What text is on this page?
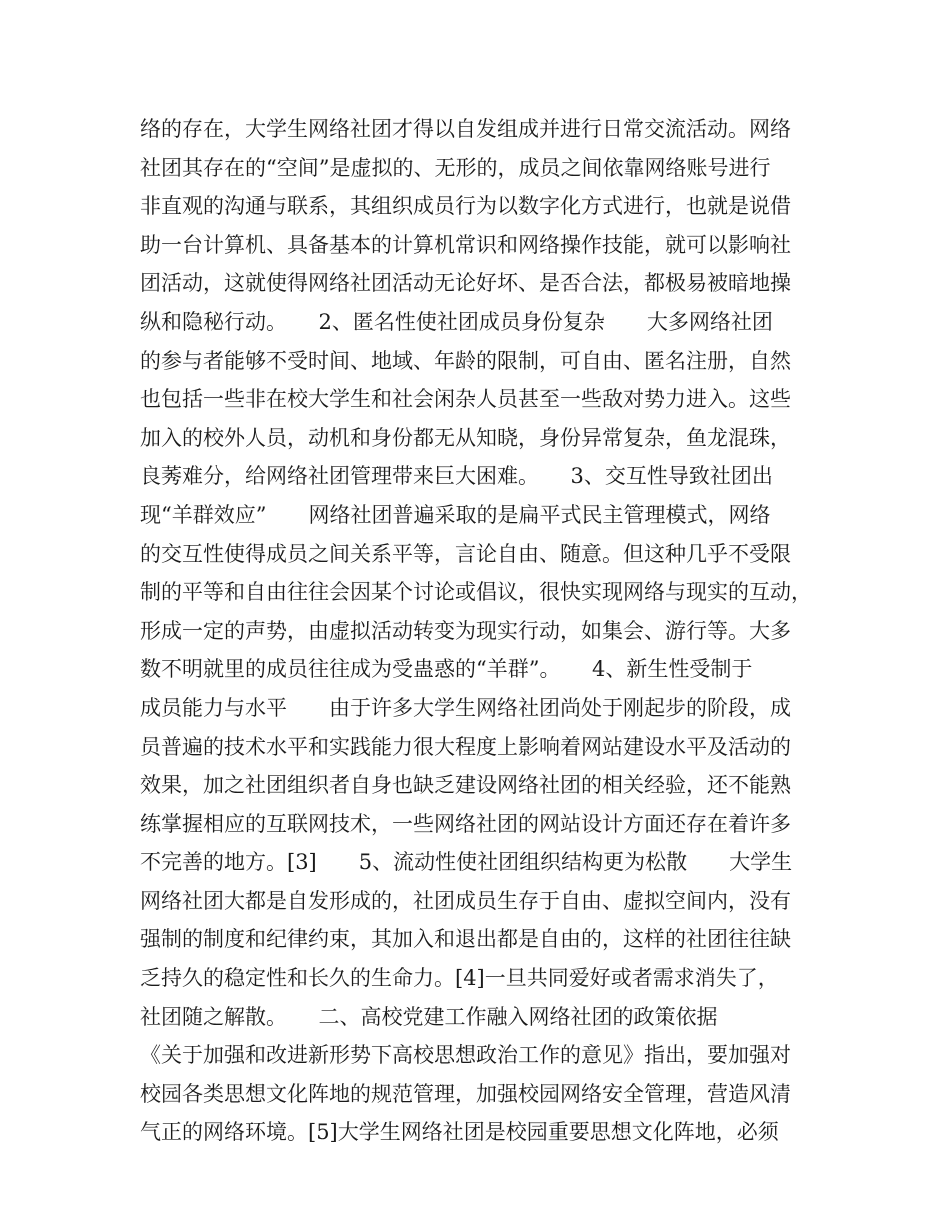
络的存在，大学生网络社团才得以自发组成并进行日常交流活动。网络
社团其存在的“空间”是虚拟的、无形的，成员之间依靠网络账号进行
非直观的沟通与联系，其组织成员行为以数字化方式进行，也就是说借
助一台计算机、具备基本的计算机常识和网络操作技能，就可以影响社
团活动，这就使得网络社团活动无论好坏、是否合法，都极易被暗地操
纵和隐秘行动。　　2、匿名性使社团成员身份复杂　　大多网络社团
的参与者能够不受时间、地域、年龄的限制，可自由、匿名注册，自然
也包括一些非在校大学生和社会闲杂人员甚至一些敌对势力进入。这些
加入的校外人员，动机和身份都无从知晓，身份异常复杂，鱼龙混珠，
良莠难分，给网络社团管理带来巨大困难。　　3、交互性导致社团出
现“羊群效应”　　网络社团普遍采取的是扁平式民主管理模式，网络
的交互性使得成员之间关系平等，言论自由、随意。但这种几乎不受限
制的平等和自由往往会因某个讨论或倡议，很快实现网络与现实的互动，
形成一定的声势，由虚拟活动转变为现实行动，如集会、游行等。大多
数不明就里的成员往往成为受蛊惑的“羊群”。　　4、新生性受制于
成员能力与水平　　由于许多大学生网络社团尚处于刚起步的阶段，成
员普遍的技术水平和实践能力很大程度上影响着网站建设水平及活动的
效果，加之社团组织者自身也缺乏建设网络社团的相关经验，还不能熟
练掌握相应的互联网技术，一些网络社团的网站设计方面还存在着许多
不完善的地方。[3]　　5、流动性使社团组织结构更为松散　　大学生
网络社团大都是自发形成的，社团成员生存于自由、虚拟空间内，没有
强制的制度和纪律约束，其加入和退出都是自由的，这样的社团往往缺
乏持久的稳定性和长久的生命力。[4]一旦共同爱好或者需求消失了，
社团随之解散。　　二、高校党建工作融入网络社团的政策依据　　
《关于加强和改进新形势下高校思想政治工作的意见》指出，要加强对
校园各类思想文化阵地的规范管理，加强校园网络安全管理，营造风清
气正的网络环境。[5]大学生网络社团是校园重要思想文化阵地，必须
